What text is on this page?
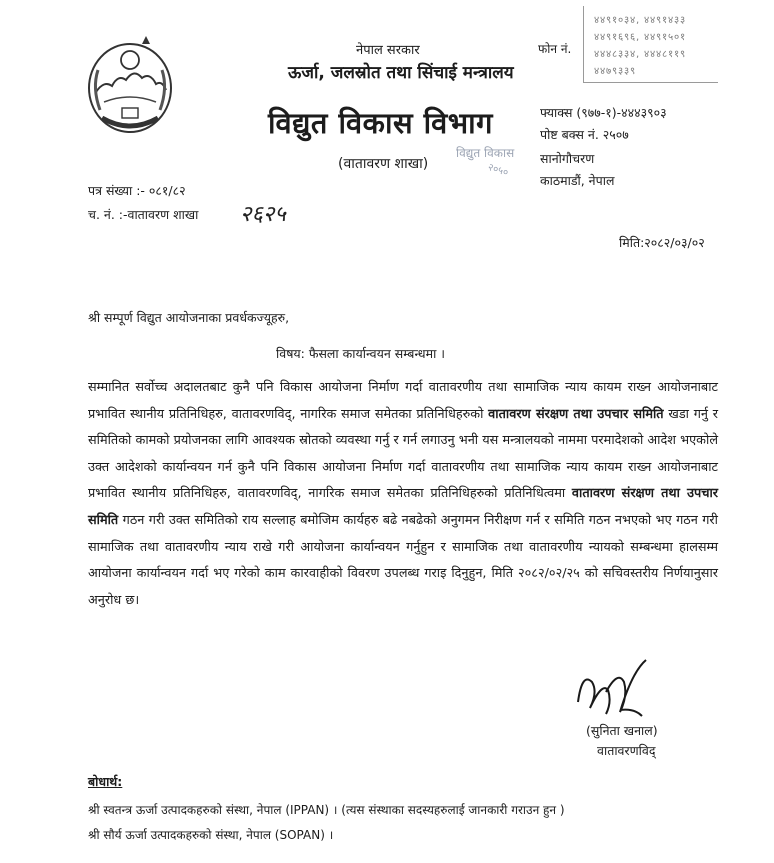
नेपाल सरकार
ऊर्जा, जलस्रोत तथा सिंचाई मन्त्रालय
विद्युत विकास विभाग
(वातावरण शाखा)
विद्युत विकास
२०५०
फोन नं.
४४९१०३४, ४४९१४३३
४४९१६९६, ४४९१५०१
४४४८३३४, ४४४८११९
४४७९३३९
फ्याक्स (९७७-१)-४४४३९०३
पोष्ट बक्स नं. २५०७
सानोगौचरण
काठमाडौं, नेपाल
पत्र संख्या :- ०८१/८२
च. नं. :-वातावरण शाखा २६२५
मिति:२०८२/०३/०२
श्री सम्पूर्ण विद्युत आयोजनाका प्रवर्धकज्यूहरु,
विषय: फैसला कार्यान्वयन सम्बन्धमा ।
सम्मानित सर्वोच्च अदालतबाट कुनै पनि विकास आयोजना निर्माण गर्दा वातावरणीय तथा सामाजिक न्याय कायम राख्न आयोजनाबाट प्रभावित स्थानीय प्रतिनिधिहरु, वातावरणविद्, नागरिक समाज समेतका प्रतिनिधिहरुको वातावरण संरक्षण तथा उपचार समिति खडा गर्नु र समितिको कामको प्रयोजनका लागि आवश्यक स्रोतको व्यवस्था गर्नु र गर्न लगाउनु भनी यस मन्त्रालयको नाममा परमादेशको आदेश भएकोले उक्त आदेशको कार्यान्वयन गर्न कुनै पनि विकास आयोजना निर्माण गर्दा वातावरणीय तथा सामाजिक न्याय कायम राख्न आयोजनाबाट प्रभावित स्थानीय प्रतिनिधिहरु, वातावरणविद्, नागरिक समाज समेतका प्रतिनिधिहरुको प्रतिनिधित्वमा वातावरण संरक्षण तथा उपचार समिति गठन गरी उक्त समितिको राय सल्लाह बमोजिम कार्यहरु बढे नबढेको अनुगमन निरीक्षण गर्न र समिति गठन नभएको भए गठन गरी सामाजिक तथा वातावरणीय न्याय राखे गरी आयोजना कार्यान्वयन गर्नुहुन र सामाजिक तथा वातावरणीय न्यायको सम्बन्धमा हालसम्म आयोजना कार्यान्वयन गर्दा भए गरेको काम कारवाहीको विवरण उपलब्ध गराइ दिनुहुन, मिति २०८२/०२/२५ को सचिवस्तरीय निर्णयानुसार अनुरोध छ।
(सुनिता खनाल)
वातावरणविद्
बोधार्थ:
श्री स्वतन्त्र ऊर्जा उत्पादकहरुको संस्था, नेपाल (IPPAN) । (त्यस संस्थाका सदस्यहरुलाई जानकारी गराउन हुन )
श्री सौर्य ऊर्जा उत्पादकहरुको संस्था, नेपाल (SOPAN) ।
